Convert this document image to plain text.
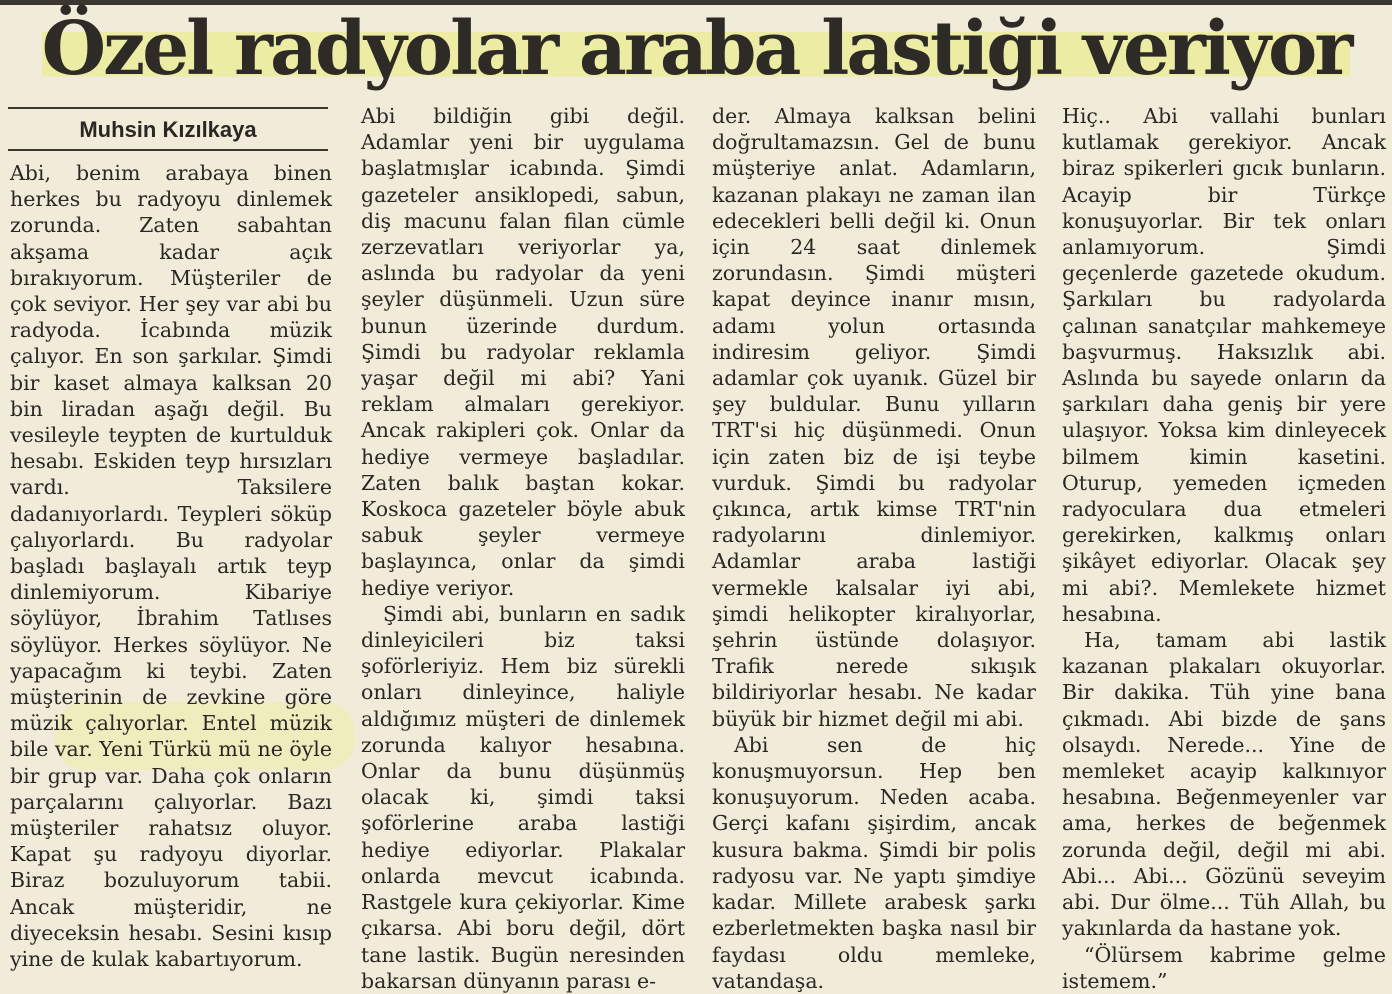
Özel radyolar araba lastiği veriyor
Muhsin Kızılkaya

Abi, benim arabaya binen herkes bu radyoyu dinlemek zorunda. Zaten sabahtan akşama kadar açık bırakıyorum. Müşteriler de çok seviyor. Her şey var abi bu radyoda. İcabında müzik çalıyor. En son şarkılar. Şimdi bir kaset almaya kalksan 20 bin liradan aşağı değil. Bu vesileyle teypten de kurtulduk hesabı. Eskiden teyp hırsızları vardı. Taksilere dadanıyorlardı. Teypleri söküp çalıyorlardı. Bu radyolar başladı başlayalı artık teyp dinlemiyorum. Kibariye söylüyor, İbrahim Tatlıses söylüyor. Herkes söylüyor. Ne yapacağım ki teybi. Zaten müşterinin de zevkine göre müzik çalıyorlar. Entel müzik bile var. Yeni Türkü mü ne öyle bir grup var. Daha çok onların parçalarını çalıyorlar. Bazı müşteriler rahatsız oluyor. Kapat şu radyoyu diyorlar. Biraz bozuluyorum tabii. Ancak müşteridir, ne diyeceksin hesabı. Sesini kısıp yine de kulak kabartıyorum.

Abi bildiğin gibi değil. Adamlar yeni bir uygulama başlatmışlar icabında. Şimdi gazeteler ansiklopedi, sabun, diş macunu falan filan cümle zerzevatları veriyorlar ya, aslında bu radyolar da yeni şeyler düşünmeli. Uzun süre bunun üzerinde durdum. Şimdi bu radyolar reklamla yaşar değil mi abi? Yani reklam almaları gerekiyor. Ancak rakipleri çok. Onlar da hediye vermeye başladılar. Zaten balık baştan kokar. Koskoca gazeteler böyle abuk sabuk şeyler vermeye başlayınca, onlar da şimdi hediye veriyor.

Şimdi abi, bunların en sadık dinleyicileri biz taksi şoförleriyiz. Hem biz sürekli onları dinleyince, haliyle aldığımız müşteri de dinlemek zorunda kalıyor hesabına. Onlar da bunu düşünmüş olacak ki, şimdi taksi şoförlerine araba lastiği hediye ediyorlar. Plakalar onlarda mevcut icabında. Rastgele kura çekiyorlar. Kime çıkarsa. Abi boru değil, dört tane lastik. Bugün neresinden bakarsan dünyanın parası e-

der. Almaya kalksan belini doğrultamazsın. Gel de bunu müşteriye anlat. Adamların, kazanan plakayı ne zaman ilan edecekleri belli değil ki. Onun için 24 saat dinlemek zorundasın. Şimdi müşteri kapat deyince inanır mısın, adamı yolun ortasında indiresim geliyor. Şimdi adamlar çok uyanık. Güzel bir şey buldular. Bunu yılların TRT'si hiç düşünmedi. Onun için zaten biz de işi teybe vurduk. Şimdi bu radyolar çıkınca, artık kimse TRT'nin radyolarını dinlemiyor. Adamlar araba lastiği vermekle kalsalar iyi abi, şimdi helikopter kiralıyorlar, şehrin üstünde dolaşıyor. Trafik nerede sıkışık bildiriyorlar hesabı. Ne kadar büyük bir hizmet değil mi abi.

Abi sen de hiç konuşmuyorsun. Hep ben konuşuyorum. Neden acaba. Gerçi kafanı şişirdim, ancak kusura bakma. Şimdi bir polis radyosu var. Ne yaptı şimdiye kadar. Millete arabesk şarkı ezberletmekten başka nasıl bir faydası oldu memleke, vatandaşa.

Hiç.. Abi vallahi bunları kutlamak gerekiyor. Ancak biraz spikerleri gıcık bunların. Acayip bir Türkçe konuşuyorlar. Bir tek onları anlamıyorum. Şimdi geçenlerde gazetede okudum. Şarkıları bu radyolarda çalınan sanatçılar mahkemeye başvurmuş. Haksızlık abi. Aslında bu sayede onların da şarkıları daha geniş bir yere ulaşıyor. Yoksa kim dinleyecek bilmem kimin kasetini. Oturup, yemeden içmeden radyoculara dua etmeleri gerekirken, kalkmış onları şikâyet ediyorlar. Olacak şey mi abi?. Memlekete hizmet hesabına.

Ha, tamam abi lastik kazanan plakaları okuyorlar. Bir dakika. Tüh yine bana çıkmadı. Abi bizde de şans olsaydı. Nerede... Yine de memleket acayip kalkınıyor hesabına. Beğenmeyenler var ama, herkes de beğenmek zorunda değil, değil mi abi. Abi... Abi... Gözünü seveyim abi. Dur ölme... Tüh Allah, bu yakınlarda da hastane yok.

“Ölürsem kabrime gelme istemem.”
